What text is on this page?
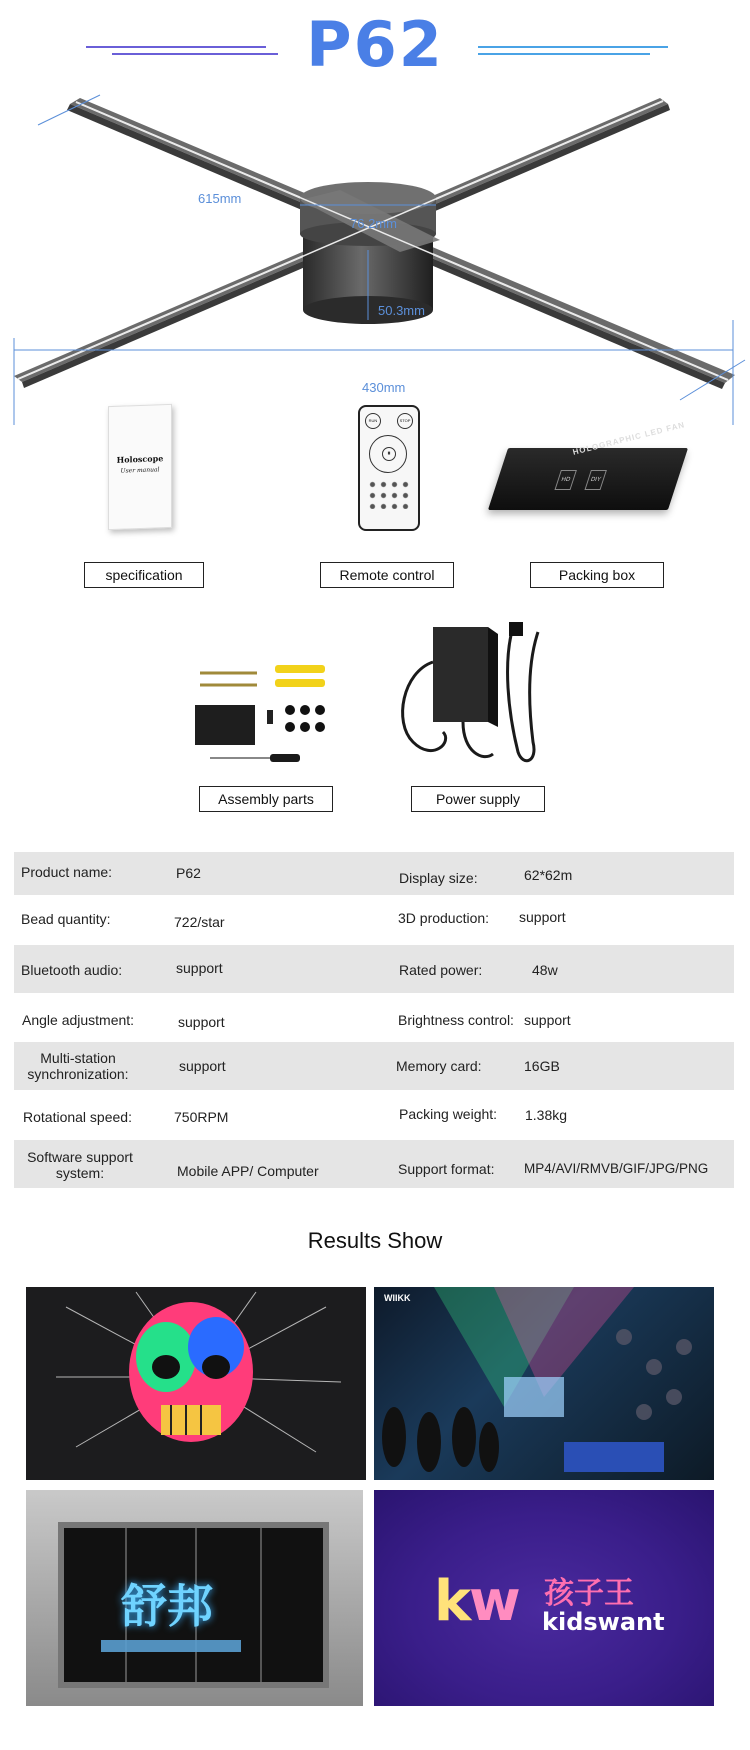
P62
615mm
76.2mm
50.3mm
430mm
Holoscope
User manual
RUN	STOP
⏸	HOLOGRAPHIC LED FAN
HD	DIY
specification	Remote control	Packing box
Assembly parts	Power supply
Product name:	P62	Display size:	62*62m
Bead quantity:	722/star	3D production: support
Bluetooth audio:	support	Rated power:	48w
Angle adjustment:	support	Brightness control: support
Multi-station synchronization:	support	Memory card:	16GB
Rotational speed:	750RPM	Packing weight: 1.38kg
Software support system:	Mobile APP/ Computer	Support format: MP4/AVI/RMVB/GIF/JPG/PNG
Results Show
WIIKK
舒邦	k
w 孩子王
kidswant
